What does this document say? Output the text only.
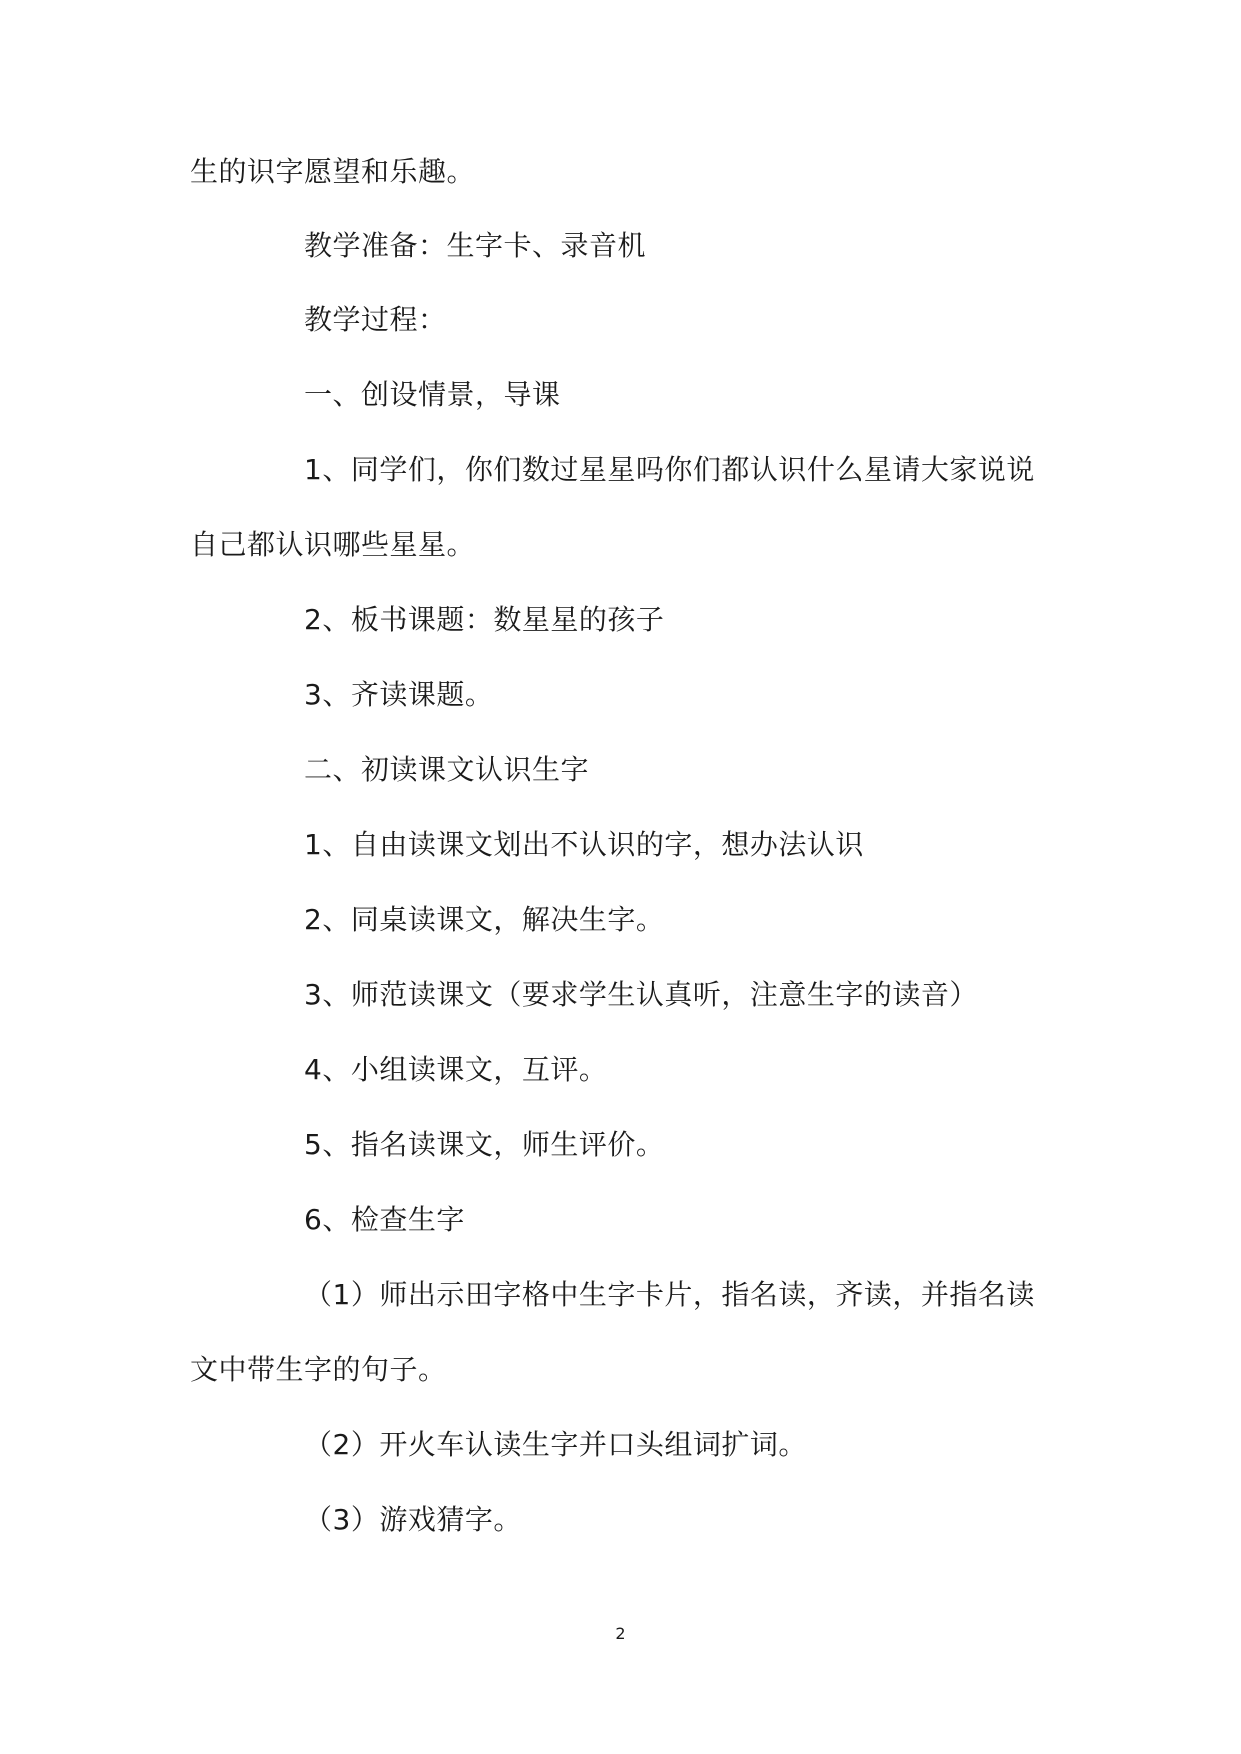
生的识字愿望和乐趣。
教学准备：生字卡、录音机
教学过程：
一、创设情景，导课
1、同学们，你们数过星星吗你们都认识什么星请大家说说
自己都认识哪些星星。
2、板书课题：数星星的孩子
3、齐读课题。
二、初读课文认识生字
1、自由读课文划出不认识的字，想办法认识
2、同桌读课文，解决生字。
3、师范读课文（要求学生认真听，注意生字的读音）
4、小组读课文，互评。
5、指名读课文，师生评价。
6、检查生字
（1）师出示田字格中生字卡片，指名读，齐读，并指名读
文中带生字的句子。
（2）开火车认读生字并口头组词扩词。
（3）游戏猜字。
2
